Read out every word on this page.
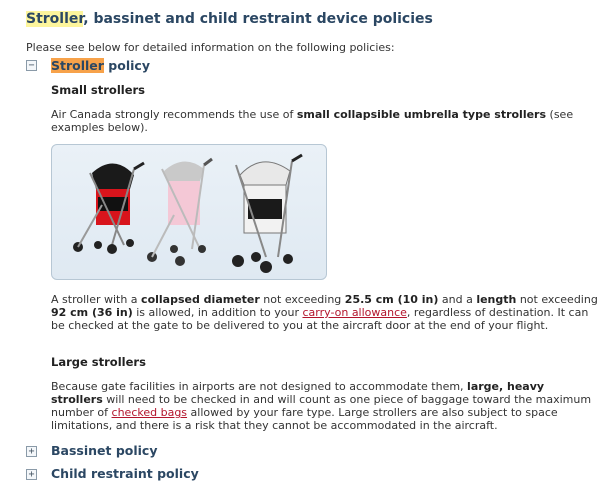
Stroller, bassinet and child restraint device policies
Please see below for detailed information on the following policies:
− Stroller policy
Small strollers
Air Canada strongly recommends the use of small collapsible umbrella type strollers (see examples below).
A stroller with a collapsed diameter not exceeding 25.5 cm (10 in) and a length not exceeding 92 cm (36 in) is allowed, in addition to your carry-on allowance, regardless of destination. It can be checked at the gate to be delivered to you at the aircraft door at the end of your flight.
Large strollers
Because gate facilities in airports are not designed to accommodate them, large, heavy strollers will need to be checked in and will count as one piece of baggage toward the maximum number of checked bags allowed by your fare type. Large strollers are also subject to space limitations, and there is a risk that they cannot be accommodated in the aircraft.
+ Bassinet policy
+ Child restraint policy
